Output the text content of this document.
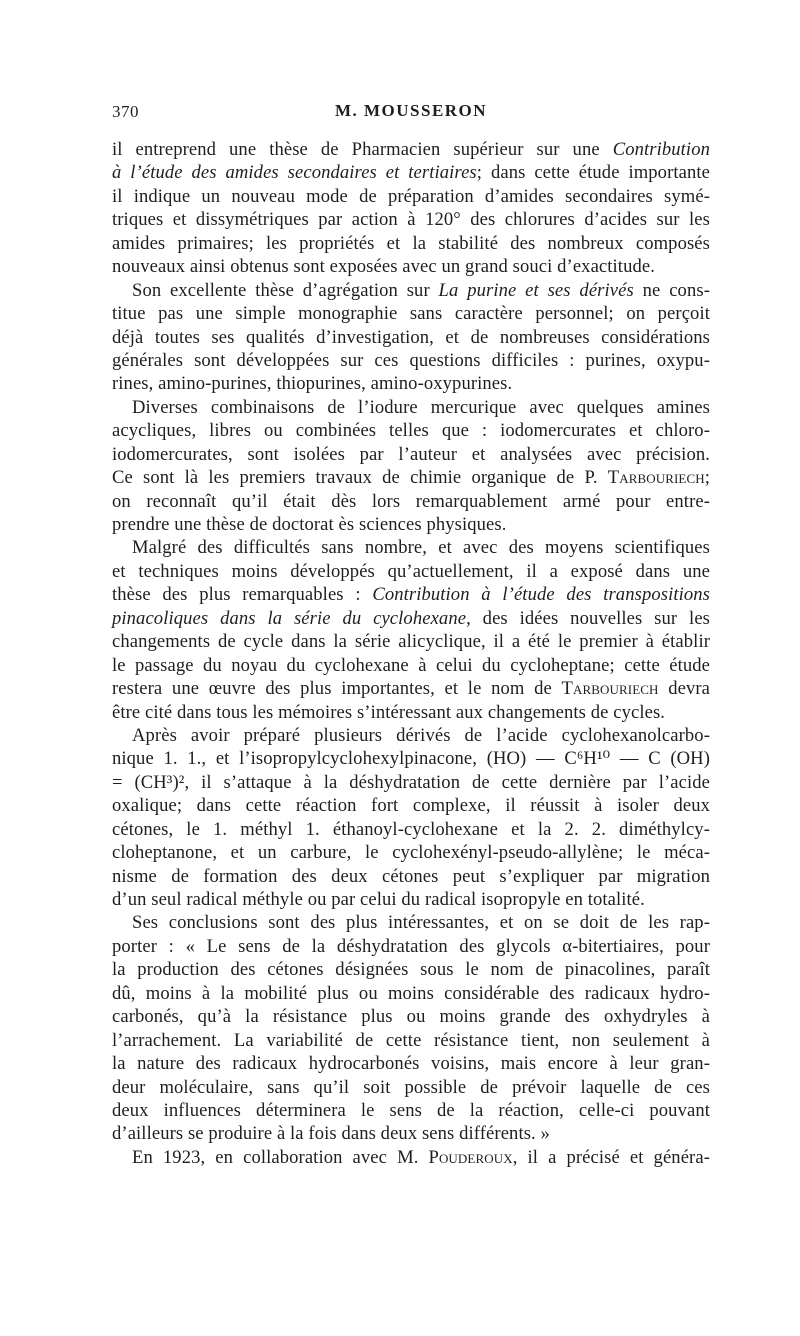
370	M. MOUSSERON
il entreprend une thèse de Pharmacien supérieur sur une Contribution
à l’étude des amides secondaires et tertiaires; dans cette étude importante
il indique un nouveau mode de préparation d’amides secondaires symé-
triques et dissymétriques par action à 120° des chlorures d’acides sur les
amides primaires; les propriétés et la stabilité des nombreux composés
nouveaux ainsi obtenus sont exposées avec un grand souci d’exactitude.
Son excellente thèse d’agrégation sur La purine et ses dérivés ne cons-
titue pas une simple monographie sans caractère personnel; on perçoit
déjà toutes ses qualités d’investigation, et de nombreuses considérations
générales sont développées sur ces questions difficiles : purines, oxypu-
rines, amino-purines, thiopurines, amino-oxypurines.
Diverses combinaisons de l’iodure mercurique avec quelques amines
acycliques, libres ou combinées telles que : iodomercurates et chloro-
iodomercurates, sont isolées par l’auteur et analysées avec précision.
Ce sont là les premiers travaux de chimie organique de P. Tarbouriech;
on reconnaît qu’il était dès lors remarquablement armé pour entre-
prendre une thèse de doctorat ès sciences physiques.
Malgré des difficultés sans nombre, et avec des moyens scientifiques
et techniques moins développés qu’actuellement, il a exposé dans une
thèse des plus remarquables : Contribution à l’étude des transpositions
pinacoliques dans la série du cyclohexane, des idées nouvelles sur les
changements de cycle dans la série alicyclique, il a été le premier à établir
le passage du noyau du cyclohexane à celui du cycloheptane; cette étude
restera une œuvre des plus importantes, et le nom de Tarbouriech devra
être cité dans tous les mémoires s’intéressant aux changements de cycles.
Après avoir préparé plusieurs dérivés de l’acide cyclohexanolcarbo-
nique 1. 1., et l’isopropylcyclohexylpinacone, (HO) — C⁶H¹⁰ — C (OH)
= (CH³)², il s’attaque à la déshydratation de cette dernière par l’acide
oxalique; dans cette réaction fort complexe, il réussit à isoler deux
cétones, le 1. méthyl 1. éthanoyl-cyclohexane et la 2. 2. diméthylcy-
cloheptanone, et un carbure, le cyclohexényl-pseudo-allylène; le méca-
nisme de formation des deux cétones peut s’expliquer par migration
d’un seul radical méthyle ou par celui du radical isopropyle en totalité.
Ses conclusions sont des plus intéressantes, et on se doit de les rap-
porter : « Le sens de la déshydratation des glycols α-bitertiaires, pour
la production des cétones désignées sous le nom de pinacolines, paraît
dû, moins à la mobilité plus ou moins considérable des radicaux hydro-
carbonés, qu’à la résistance plus ou moins grande des oxhydryles à
l’arrachement. La variabilité de cette résistance tient, non seulement à
la nature des radicaux hydrocarbonés voisins, mais encore à leur gran-
deur moléculaire, sans qu’il soit possible de prévoir laquelle de ces
deux influences déterminera le sens de la réaction, celle-ci pouvant
d’ailleurs se produire à la fois dans deux sens différents. »
En 1923, en collaboration avec M. Pouderoux, il a précisé et généra-
